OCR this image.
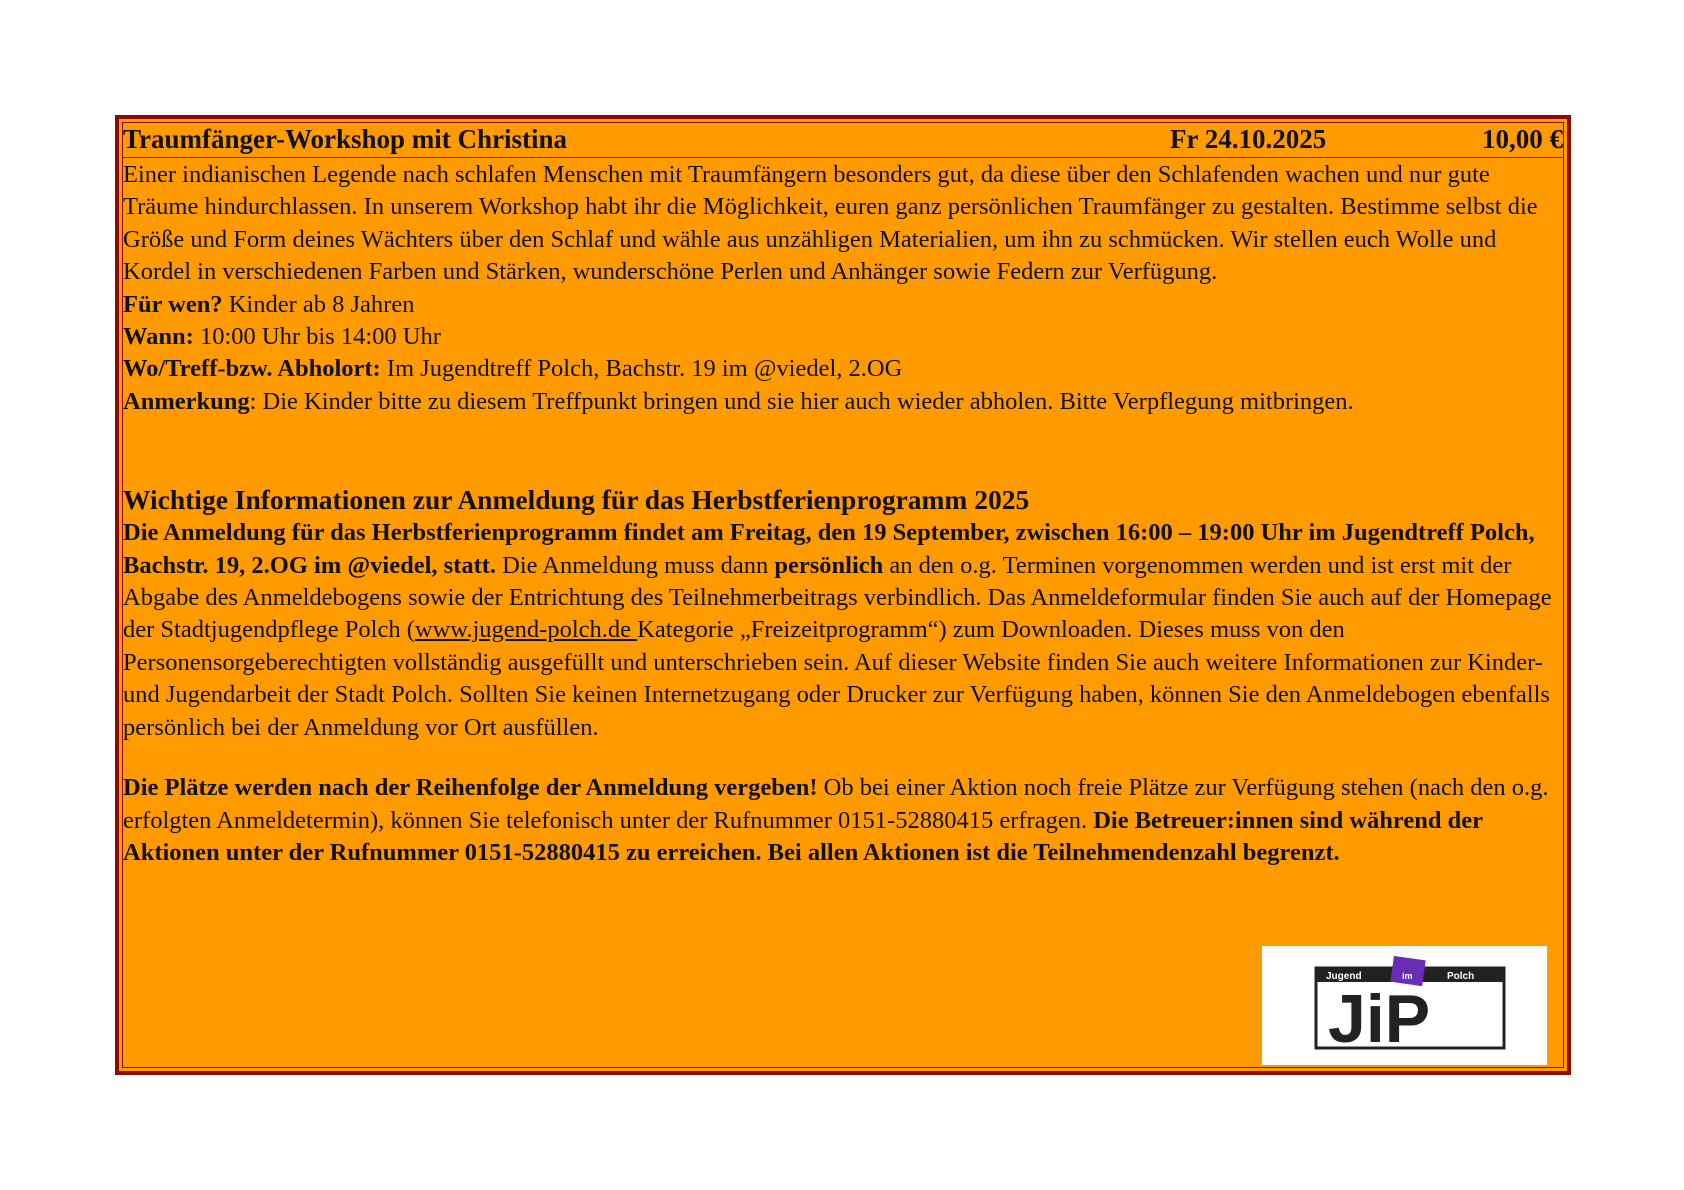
Traumfänger-Workshop mit Christina	Fr 24.10.2025	10,00 €

Einer indianischen Legende nach schlafen Menschen mit Traumfängern besonders gut, da diese über den Schlafenden wachen und nur gute Träume hindurchlassen. In unserem Workshop habt ihr die Möglichkeit, euren ganz persönlichen Traumfänger zu gestalten. Bestimme selbst die Größe und Form deines Wächters über den Schlaf und wähle aus unzähligen Materialien, um ihn zu schmücken. Wir stellen euch Wolle und Kordel in verschiedenen Farben und Stärken, wunderschöne Perlen und Anhänger sowie Federn zur Verfügung.

Für wen? Kinder ab 8 Jahren

Wann: 10:00 Uhr bis 14:00 Uhr

Wo/Treff-bzw. Abholort: Im Jugendtreff Polch, Bachstr. 19 im @viedel, 2.OG

Anmerkung: Die Kinder bitte zu diesem Treffpunkt bringen und sie hier auch wieder abholen. Bitte Verpflegung mitbringen.

Wichtige Informationen zur Anmeldung für das Herbstferienprogramm 2025

Die Anmeldung für das Herbstferienprogramm findet am Freitag, den 19 September, zwischen 16:00 – 19:00 Uhr im Jugendtreff Polch, Bachstr. 19, 2.OG im @viedel, statt. Die Anmeldung muss dann persönlich an den o.g. Terminen vorgenommen werden und ist erst mit der Abgabe des Anmeldebogens sowie der Entrichtung des Teilnehmerbeitrags verbindlich. Das Anmeldeformular finden Sie auch auf der Homepage der Stadtjugendpflege Polch (www.jugend-polch.de Kategorie „Freizeitprogramm“) zum Downloaden. Dieses muss von den Personensorgeberechtigten vollständig ausgefüllt und unterschrieben sein. Auf dieser Website finden Sie auch weitere Informationen zur Kinder- und Jugendarbeit der Stadt Polch. Sollten Sie keinen Internetzugang oder Drucker zur Verfügung haben, können Sie den Anmeldebogen ebenfalls persönlich bei der Anmeldung vor Ort ausfüllen.

Die Plätze werden nach der Reihenfolge der Anmeldung vergeben! Ob bei einer Aktion noch freie Plätze zur Verfügung stehen (nach den o.g. erfolgten Anmeldetermin), können Sie telefonisch unter der Rufnummer 0151-52880415 erfragen. Die Betreuer:innen sind während der Aktionen unter der Rufnummer 0151-52880415 zu erreichen. Bei allen Aktionen ist die Teilnehmendenzahl begrenzt.

Jugend	im	Polch
JiP
